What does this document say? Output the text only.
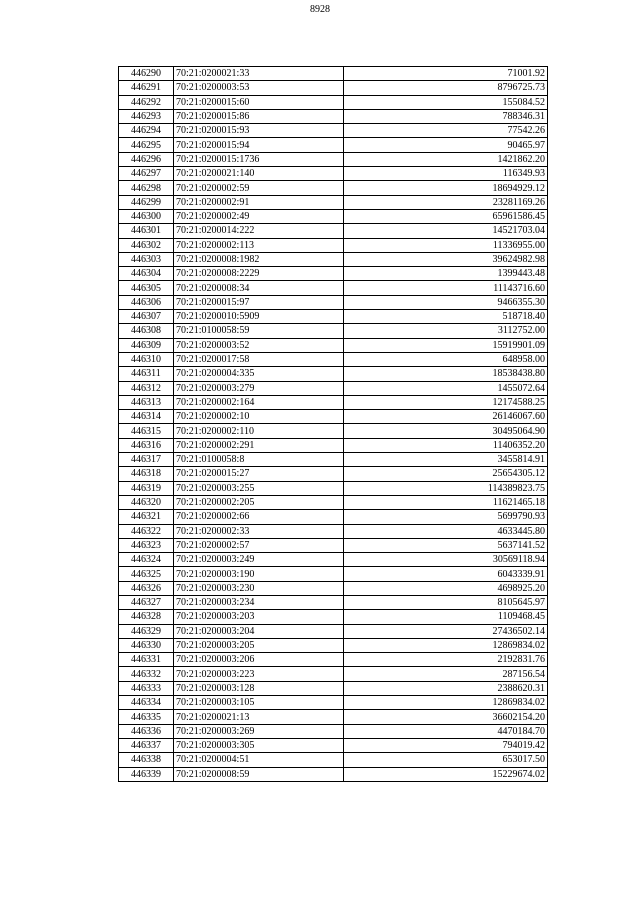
8928
446290	70:21:0200021:33	71001.92
446291	70:21:0200003:53	8796725.73
446292	70:21:0200015:60	155084.52
446293	70:21:0200015:86	788346.31
446294	70:21:0200015:93	77542.26
446295	70:21:0200015:94	90465.97
446296	70:21:0200015:1736	1421862.20
446297	70:21:0200021:140	116349.93
446298	70:21:0200002:59	18694929.12
446299	70:21:0200002:91	23281169.26
446300	70:21:0200002:49	65961586.45
446301	70:21:0200014:222	14521703.04
446302	70:21:0200002:113	11336955.00
446303	70:21:0200008:1982	39624982.98
446304	70:21:0200008:2229	1399443.48
446305	70:21:0200008:34	11143716.60
446306	70:21:0200015:97	9466355.30
446307	70:21:0200010:5909	518718.40
446308	70:21:0100058:59	3112752.00
446309	70:21:0200003:52	15919901.09
446310	70:21:0200017:58	648958.00
446311	70:21:0200004:335	18538438.80
446312	70:21:0200003:279	1455072.64
446313	70:21:0200002:164	12174588.25
446314	70:21:0200002:10	26146067.60
446315	70:21:0200002:110	30495064.90
446316	70:21:0200002:291	11406352.20
446317	70:21:0100058:8	3455814.91
446318	70:21:0200015:27	25654305.12
446319	70:21:0200003:255	114389823.75
446320	70:21:0200002:205	11621465.18
446321	70:21:0200002:66	5699790.93
446322	70:21:0200002:33	4633445.80
446323	70:21:0200002:57	5637141.52
446324	70:21:0200003:249	30569118.94
446325	70:21:0200003:190	6043339.91
446326	70:21:0200003:230	4698925.20
446327	70:21:0200003:234	8105645.97
446328	70:21:0200003:203	1109468.45
446329	70:21:0200003:204	27436502.14
446330	70:21:0200003:205	12869834.02
446331	70:21:0200003:206	2192831.76
446332	70:21:0200003:223	287156.54
446333	70:21:0200003:128	2388620.31
446334	70:21:0200003:105	12869834.02
446335	70:21:0200021:13	36602154.20
446336	70:21:0200003:269	4470184.70
446337	70:21:0200003:305	794019.42
446338	70:21:0200004:51	653017.50
446339	70:21:0200008:59	15229674.02
